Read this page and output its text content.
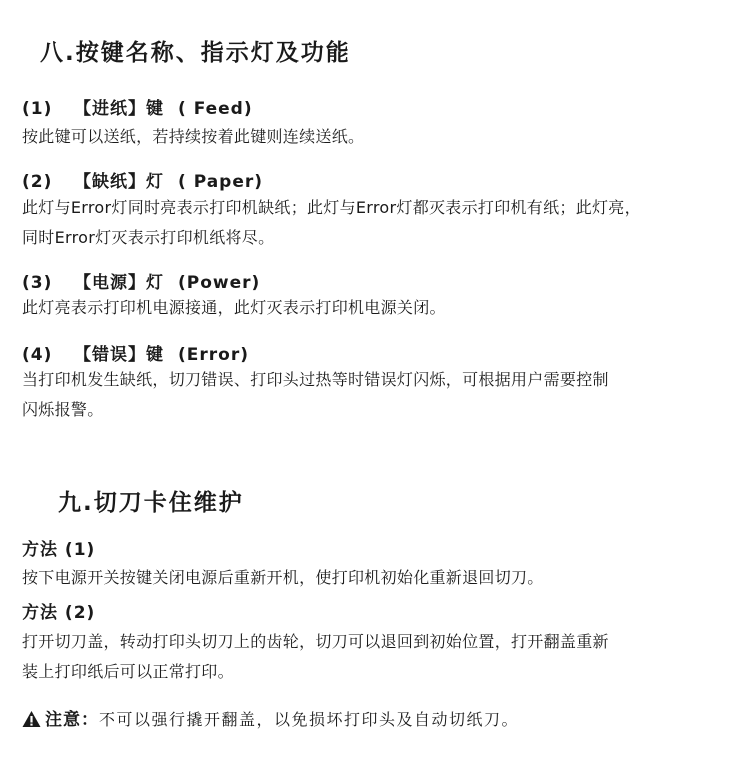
八.按键名称、指示灯及功能
(1) 【进纸】键 ( Feed)
按此键可以送纸，若持续按着此键则连续送纸。
(2) 【缺纸】灯 ( Paper)
此灯与Error灯同时亮表示打印机缺纸；此灯与Error灯都灭表示打印机有纸；此灯亮，
同时Error灯灭表示打印机纸将尽。
(3) 【电源】灯 (Power)
此灯亮表示打印机电源接通，此灯灭表示打印机电源关闭。
(4) 【错误】键 (Error)
当打印机发生缺纸，切刀错误、打印头过热等时错误灯闪烁，可根据用户需要控制
闪烁报警。
九.切刀卡住维护
方法 (1)
按下电源开关按键关闭电源后重新开机，使打印机初始化重新退回切刀。
方法 (2)
打开切刀盖，转动打印头切刀上的齿轮，切刀可以退回到初始位置，打开翻盖重新
装上打印纸后可以正常打印。
注意：不可以强行撬开翻盖，以免损坏打印头及自动切纸刀。
